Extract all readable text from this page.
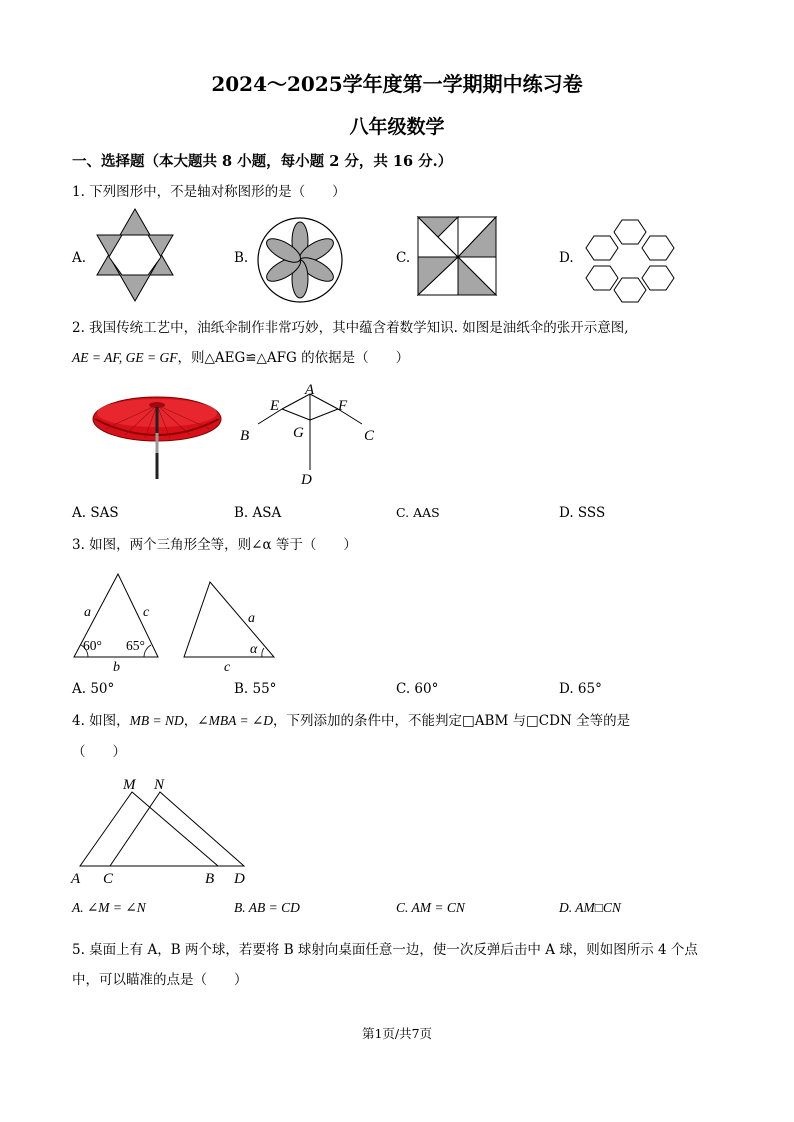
2024～2025学年度第一学期期中练习卷
八年级数学
一、选择题（本大题共 8 小题，每小题 2 分，共 16 分.）
1. 下列图形中，不是轴对称图形的是（　　）
A.	B.	C.	D.
2. 我国传统工艺中，油纸伞制作非常巧妙，其中蕴含着数学知识. 如图是油纸伞的张开示意图,
AE = AF, GE = GF，则△AEG≌△AFG 的依据是（　　）
A
E	F
B	G	C
D
A. SAS	B. ASA	C. AAS	D. SSS
3. 如图，两个三角形全等，则∠α 等于（　　）
a	c
60° 65°
b
a
α
c
A. 50°	B. 55°	C. 60°	D. 65°
4. 如图，MB = ND，∠MBA = ∠D，下列添加的条件中，不能判定□ABM 与□CDN 全等的是
（　　）
M N
A C	B D
A. ∠M = ∠N	B. AB = CD	C. AM = CN	D. AM□CN
5. 桌面上有 A，B 两个球，若要将 B 球射向桌面任意一边，使一次反弹后击中 A 球，则如图所示 4 个点
中，可以瞄准的点是（　　）
第1页/共7页
